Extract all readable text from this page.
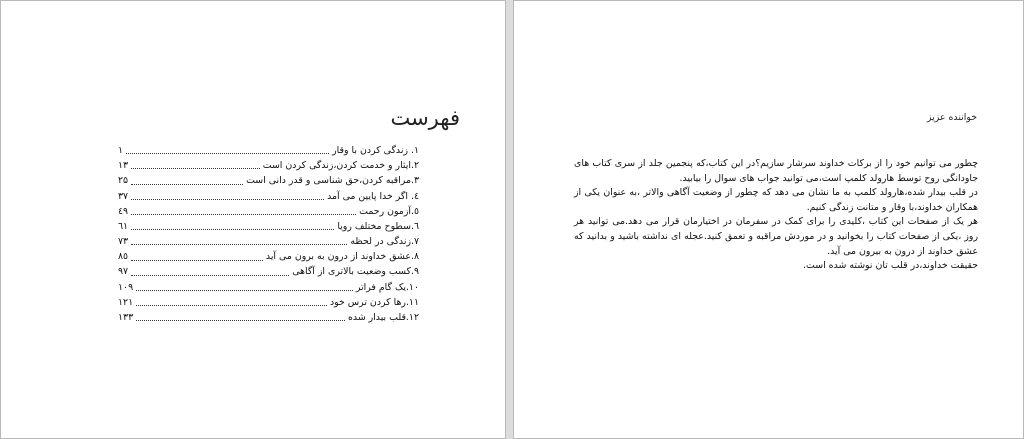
فهرست
۱. زندگی کردن با وقار
۱
۲.ایثار و خدمت کردن،زندگی کردن است
۱۳
۳.مراقبه کردن،حق شناسی و قدر دانی است
۲۵
٤. اگر خدا پایین می آمد
۳۷
٥.آزمون رحمت
٤۹
٦.سطوح مختلف رویا
٦۱
۷.زندگی در لحظه
۷۳
۸.عشق خداوند از درون به برون می آید
۸٥
۹.کسب وضعیت بالاتری از آگاهی
۹۷
۱۰.یک گام فراتر
۱۰۹
۱۱.رها کردن ترس خود
۱۲۱
۱۲.قلب بیدار شده
۱۳۳
خواننده عزیز

چطور می توانیم خود را از برکات خداوند سرشار سازیم؟در این کتاب،که پنجمین جلد از سری کتاب های جاودانگی روح توسط هارولد کلمپ است،می توانید جواب های سوال را بیابید.

در قلب بیدار شده،هارولد کلمپ به ما نشان می دهد که چطور از وضعیت آگاهی والاتر ،به عنوان یکی از همکاران خداوند،با وقار و متانت زندگی کنیم.

هر یک از صفحات این کتاب ،کلیدی را برای کمک در سفرمان در اختیارمان قرار می دهد.می توانید هر روز ،یکی از صفحات کتاب را بخوانید و در موردش مراقبه و تعمق کنید.عجله ای نداشته باشید و بدانید که عشق خداوند از درون به بیرون می آید.

حقیقت خداوند،در قلب تان نوشته شده است.
